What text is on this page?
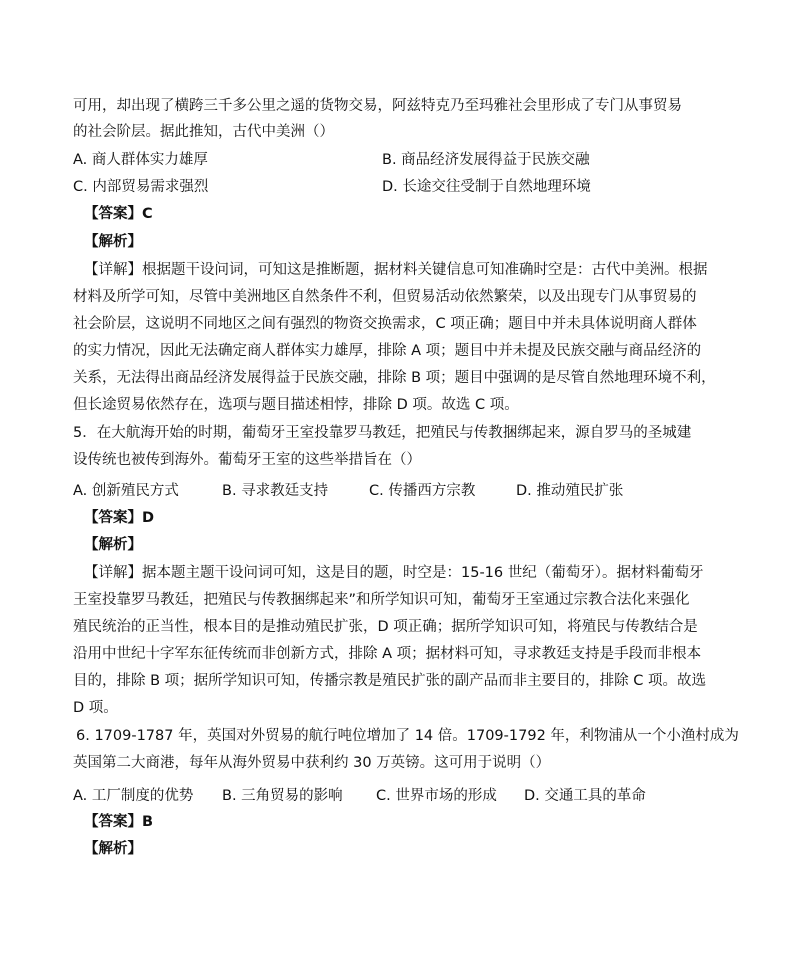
可用，却出现了横跨三千多公里之遥的货物交易，阿兹特克乃至玛雅社会里形成了专门从事贸易
的社会阶层。据此推知，古代中美洲（）
A. 商人群体实力雄厚	B. 商品经济发展得益于民族交融
C. 内部贸易需求强烈	D. 长途交往受制于自然地理环境
【答案】C
【解析】
【详解】根据题干设问词，可知这是推断题，据材料关键信息可知准确时空是：古代中美洲。根据
材料及所学可知，尽管中美洲地区自然条件不利，但贸易活动依然繁荣，以及出现专门从事贸易的
社会阶层，这说明不同地区之间有强烈的物资交换需求，C 项正确；题目中并未具体说明商人群体
的实力情况，因此无法确定商人群体实力雄厚，排除 A 项；题目中并未提及民族交融与商品经济的
关系，无法得出商品经济发展得益于民族交融，排除 B 项；题目中强调的是尽管自然地理环境不利，
但长途贸易依然存在，选项与题目描述相悖，排除 D 项。故选 C 项。
5．在大航海开始的时期，葡萄牙王室投靠罗马教廷，把殖民与传教捆绑起来，源自罗马的圣城建
设传统也被传到海外。葡萄牙王室的这些举措旨在（）
A. 创新殖民方式	B. 寻求教廷支持	C. 传播西方宗教	D. 推动殖民扩张
【答案】D
【解析】
【详解】据本题主题干设问词可知，这是目的题，时空是：15-16 世纪（葡萄牙）。据材料葡萄牙
王室投靠罗马教廷，把殖民与传教捆绑起来”和所学知识可知，葡萄牙王室通过宗教合法化来强化
殖民统治的正当性，根本目的是推动殖民扩张，D 项正确；据所学知识可知，将殖民与传教结合是
沿用中世纪十字军东征传统而非创新方式，排除 A 项；据材料可知，寻求教廷支持是手段而非根本
目的，排除 B 项；据所学知识可知，传播宗教是殖民扩张的副产品而非主要目的，排除 C 项。故选
D 项。
6. 1709-1787 年，英国对外贸易的航行吨位增加了 14 倍。1709-1792 年，利物浦从一个小渔村成为
英国第二大商港，每年从海外贸易中获利约 30 万英镑。这可用于说明（）
A. 工厂制度的优势 B. 三角贸易的影响 C. 世界市场的形成 D. 交通工具的革命
【答案】B
【解析】
